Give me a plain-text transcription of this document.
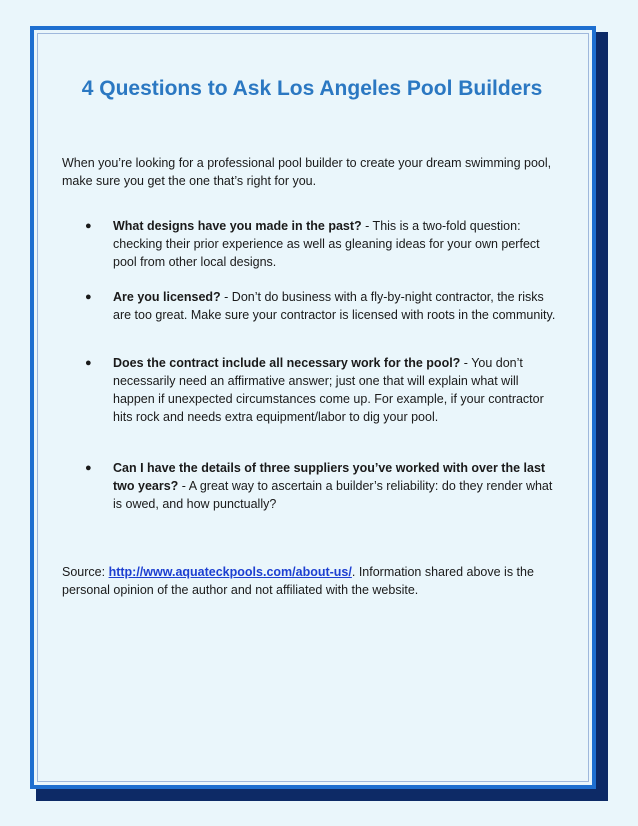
4 Questions to Ask Los Angeles Pool Builders

When you’re looking for a professional pool builder to create your dream swimming pool, make sure you get the one that’s right for you.

● What designs have you made in the past? - This is a two-fold question: checking their prior experience as well as gleaning ideas for your own perfect pool from other local designs.
● Are you licensed? - Don’t do business with a fly-by-night contractor, the risks are too great. Make sure your contractor is licensed with roots in the community.
● Does the contract include all necessary work for the pool? - You don’t necessarily need an affirmative answer; just one that will explain what will happen if unexpected circumstances come up. For example, if your contractor hits rock and needs extra equipment/labor to dig your pool.
● Can I have the details of three suppliers you’ve worked with over the last two years? - A great way to ascertain a builder’s reliability: do they render what is owed, and how punctually?

Source: http://www.aquateckpools.com/about-us/. Information shared above is the personal opinion of the author and not affiliated with the website.
